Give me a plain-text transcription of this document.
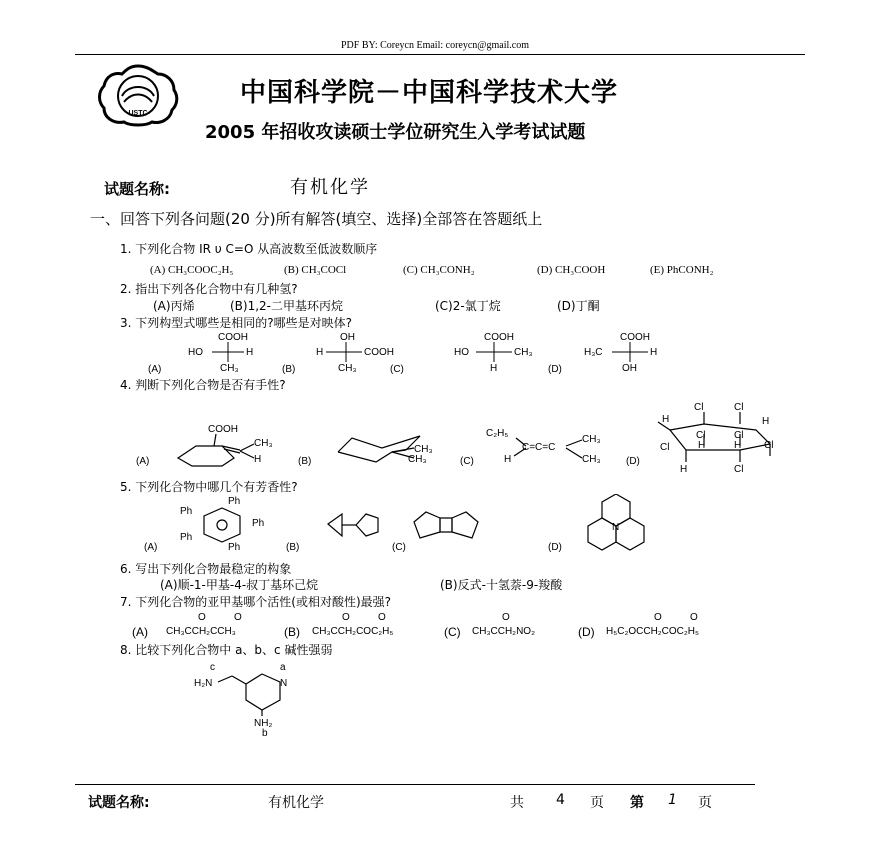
PDF BY: Coreycn Email: coreycn@gmail.com
USTC
中国科学院－中国科学技术大学
2005 年招收攻读硕士学位研究生入学考试试题
试题名称:	有机化学
一、回答下列各问题(20 分)所有解答(填空、选择)全部答在答题纸上
1. 下列化合物 IR υ C=O 从高波数至低波数顺序
(A) CH₃COOC₂H₅	(B) CH₃COCl	(C) CH₃CONH₂	(D) CH₃COOH	(E) PhCONH₂
2. 指出下列各化合物中有几种氢?
(A)丙烯	(B)1,2-二甲基环丙烷	(C)2-氯丁烷	(D)丁酮
3. 下列构型式哪些是相同的?哪些是对映体?
(A)
COOH
HO	H
CH₃	(B)
OH
H	COOH
CH₃	(C)
COOH
HO	CH₃
H	(D)
COOH
H₃C	H
OH
4. 判断下列化合物是否有手性?
(A)
COOH
CH₃
H	(B)
CH₃
CH₃	(C)
C₂H₅
C=C=C
H
CH₃
CH₃	(D)
Cl	Cl
H	H
Cl	Cl
Cl	H	H Cl
H	Cl
5. 下列化合物中哪几个有芳香性?
(A)
Ph
Ph
Ph
Ph
Ph	(B)	(C)	(D)
N
6. 写出下列化合物最稳定的构象
(A)顺-1-甲基-4-叔丁基环己烷	(B)反式-十氢萘-9-羧酸
7. 下列化合物的亚甲基哪个活性(或相对酸性)最强?
(A) CH₃CCH₂CCH₃
O	O
(B) CH₃CCH₂COC₂H₅
O	O
(C) CH₃CCH₂NO₂
O
(D) H₅C₂OCCH₂COC₂H₅
O	O
8. 比较下列化合物中 a、b、c 碱性强弱
c	a
H₂N	N
NH₂
b
试题名称:	有机化学	共 4 页 第 1 页
